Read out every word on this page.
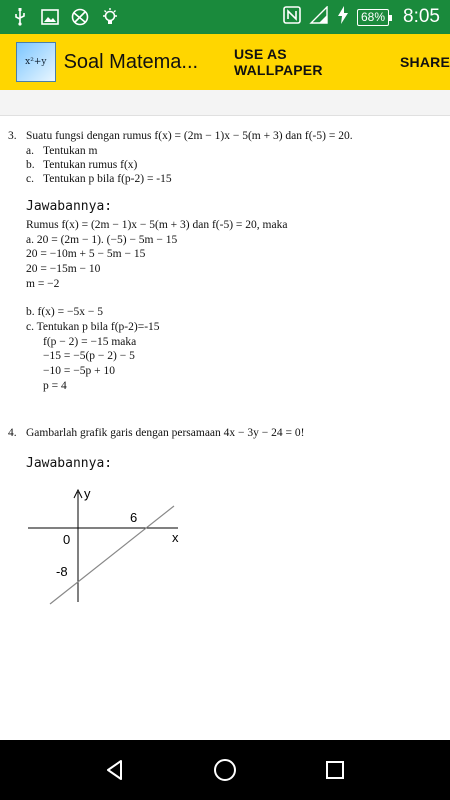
68% 8:05
x²+y Soal Matema...	USE AS WALLPAPER	SHARE
3. Suatu fungsi dengan rumus f(x) = (2m − 1)x − 5(m + 3) dan f(-5) = 20.
a. Tentukan m
b. Tentukan rumus f(x)
c. Tentukan p bila f(p-2) = -15
Jawabannya:
Rumus f(x) = (2m − 1)x − 5(m + 3) dan f(-5) = 20, maka
a. 20 = (2m − 1). (−5) − 5m − 15
20 = −10m + 5 − 5m − 15
20 = −15m − 10
m = −2
b. f(x) = −5x − 5
c. Tentukan p bila f(p-2)=-15
f(p − 2) = −15 maka
−15 = −5(p − 2) − 5
−10 = −5p + 10
p = 4
4. Gambarlah grafik garis dengan persamaan 4x − 3y − 24 = 0!
Jawabannya:
y
x
0
6
-8
